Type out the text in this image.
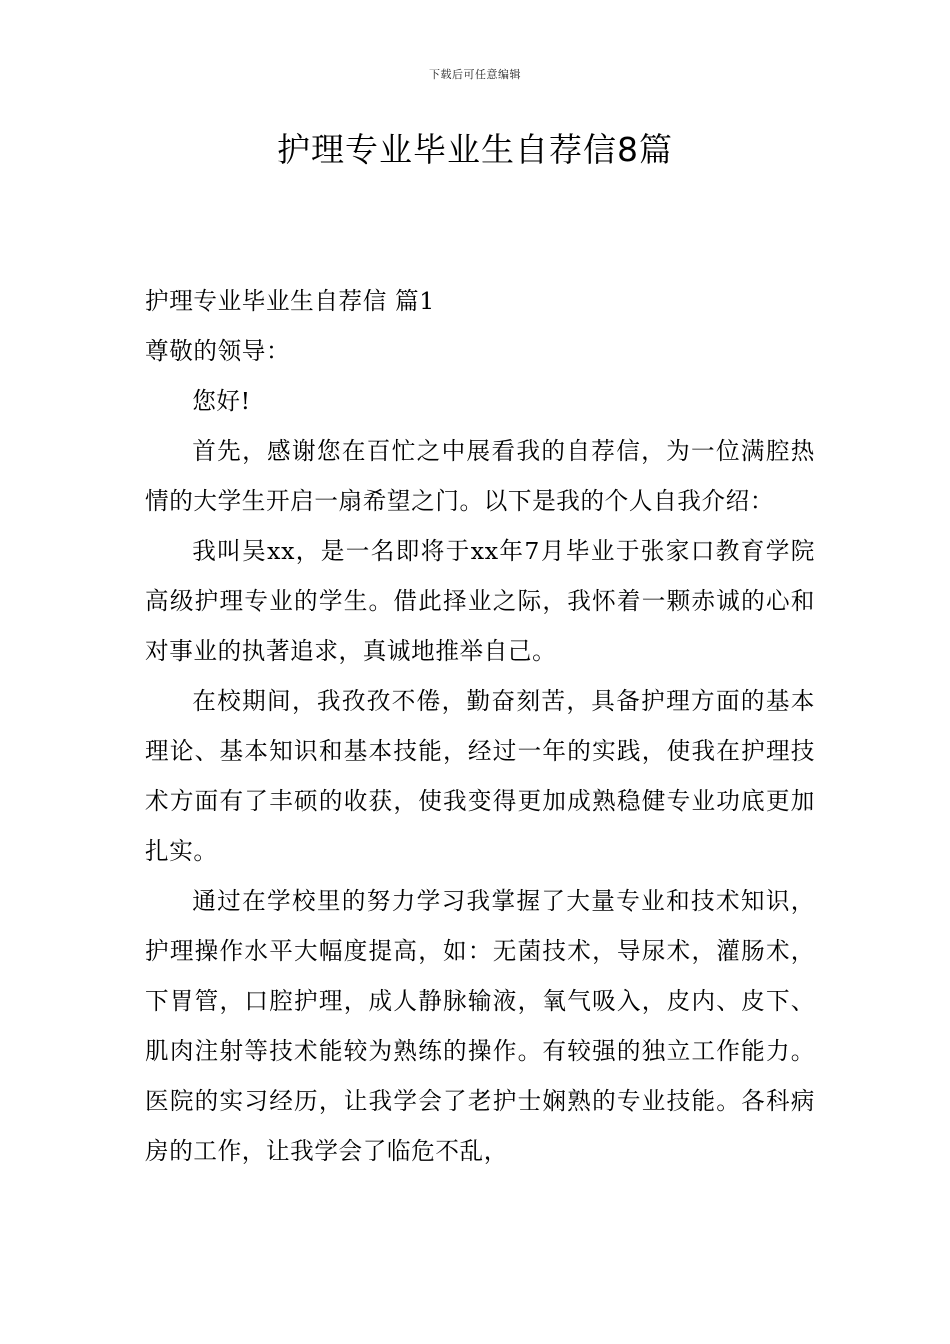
下载后可任意编辑
护理专业毕业生自荐信8篇

护理专业毕业生自荐信 篇1

尊敬的领导：

您好!

首先，感谢您在百忙之中展看我的自荐信，为一位满腔热情的大学生开启一扇希望之门。以下是我的个人自我介绍：

我叫吴xx，是一名即将于xx年7月毕业于张家口教育学院高级护理专业的学生。借此择业之际，我怀着一颗赤诚的心和对事业的执著追求，真诚地推举自己。

在校期间，我孜孜不倦，勤奋刻苦，具备护理方面的基本理论、基本知识和基本技能，经过一年的实践，使我在护理技术方面有了丰硕的收获，使我变得更加成熟稳健专业功底更加扎实。

通过在学校里的努力学习我掌握了大量专业和技术知识，护理操作水平大幅度提高，如：无菌技术，导尿术，灌肠术，下胃管，口腔护理，成人静脉输液，氧气吸入，皮内、皮下、肌肉注射等技术能较为熟练的操作。有较强的独立工作能力。医院的实习经历，让我学会了老护士娴熟的专业技能。各科病房的工作，让我学会了临危不乱，
